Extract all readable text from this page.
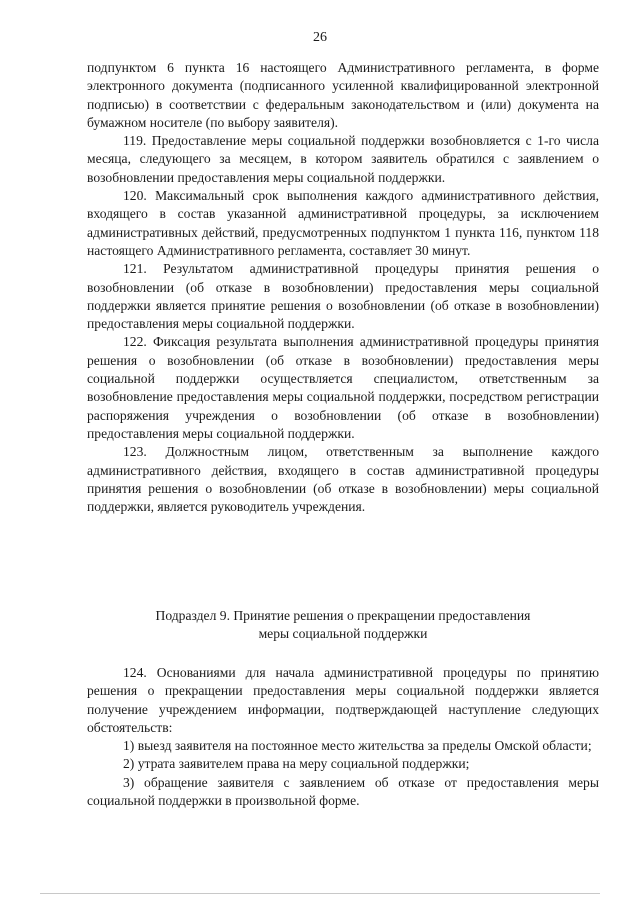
26

подпунктом 6 пункта 16 настоящего Административного регламента, в форме электронного документа (подписанного усиленной квалифицированной электронной подписью) в соответствии с федеральным законодательством и (или) документа на бумажном носителе (по выбору заявителя).

119. Предоставление меры социальной поддержки возобновляется с 1-го числа месяца, следующего за месяцем, в котором заявитель обратился с заявлением о возобновлении предоставления меры социальной поддержки.

120. Максимальный срок выполнения каждого административного действия, входящего в состав указанной административной процедуры, за исключением административных действий, предусмотренных подпунктом 1 пункта 116, пунктом 118 настоящего Административного регламента, составляет 30 минут.

121. Результатом административной процедуры принятия решения о возобновлении (об отказе в возобновлении) предоставления меры социальной поддержки является принятие решения о возобновлении (об отказе в возобновлении) предоставления меры социальной поддержки.

122. Фиксация результата выполнения административной процедуры принятия решения о возобновлении (об отказе в возобновлении) предоставления меры социальной поддержки осуществляется специалистом, ответственным за возобновление предоставления меры социальной поддержки, посредством регистрации распоряжения учреждения о возобновлении (об отказе в возобновлении) предоставления меры социальной поддержки.

123. Должностным лицом, ответственным за выполнение каждого административного действия, входящего в состав административной процедуры принятия решения о возобновлении (об отказе в возобновлении) меры социальной поддержки, является руководитель учреждения.

Подраздел 9. Принятие решения о прекращении предоставления
меры социальной поддержки

124. Основаниями для начала административной процедуры по принятию решения о прекращении предоставления меры социальной поддержки является получение учреждением информации, подтверждающей наступление следующих обстоятельств:

1) выезд заявителя на постоянное место жительства за пределы Омской области;

2) утрата заявителем права на меру социальной поддержки;

3) обращение заявителя с заявлением об отказе от предоставления меры социальной поддержки в произвольной форме.
